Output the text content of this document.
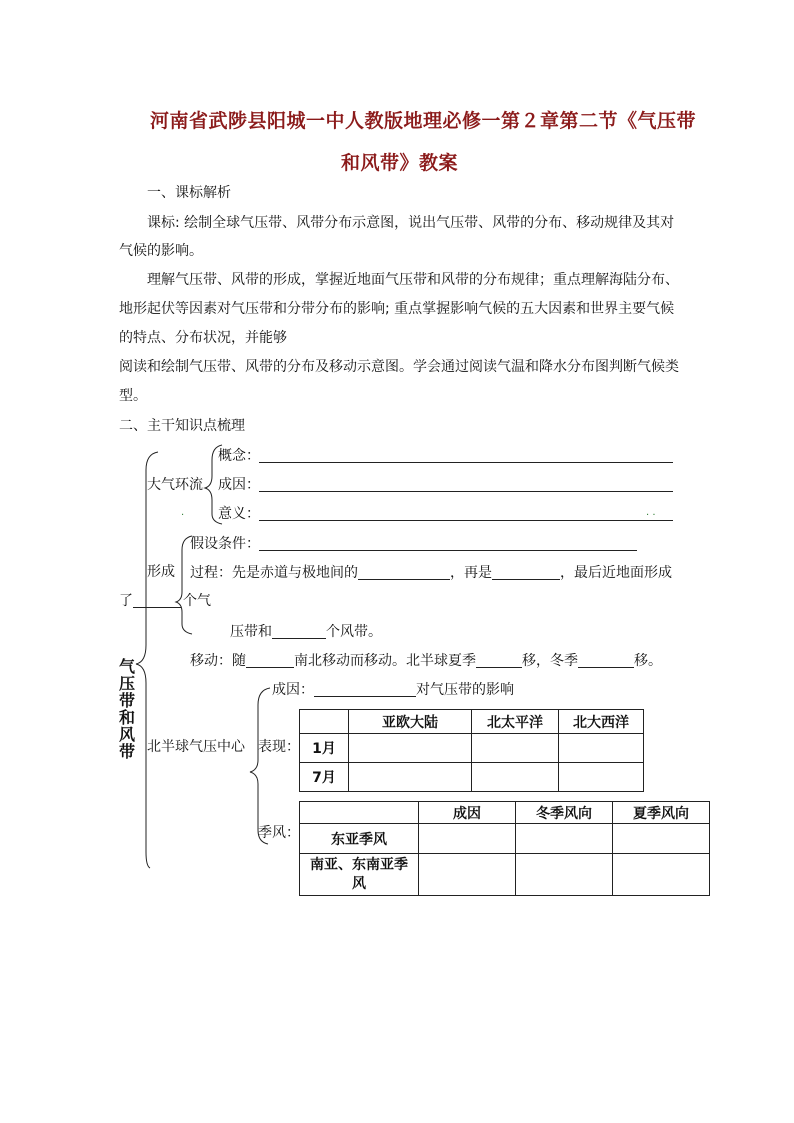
河南省武陟县阳城一中人教版地理必修一第２章第二节《气压带
和风带》教案
一、课标解析
课标: 绘制全球气压带、风带分布示意图，说出气压带、风带的分布、移动规律及其对
气候的影响。
理解气压带、风带的形成，掌握近地面气压带和风带的分布规律；重点理解海陆分布、
地形起伏等因素对气压带和分带分布的影响; 重点掌握影响气候的五大因素和世界主要气候
的特点、分布状况，并能够
阅读和绘制气压带、风带的分布及移动示意图。学会通过阅读气温和降水分布图判断气候类
型。
二、主干知识点梳理
气压带和风带
大气环流
概念：
成因：
意义：
·	· ·
形成
假设条件：
过程：先是赤道与极地间的	，再是	，最后近地面形成
了	个气
压带和	个风带。
移动：随	南北移动而移动。北半球夏季	移，冬季	移。
北半球气压中心
成因：	对气压带的影响
表现：
	亚欧大陆	北太平洋	北大西洋
1月			
7月			
季风：
	成因	冬季风向	夏季风向
东亚季风			
南亚、东南亚季风			
